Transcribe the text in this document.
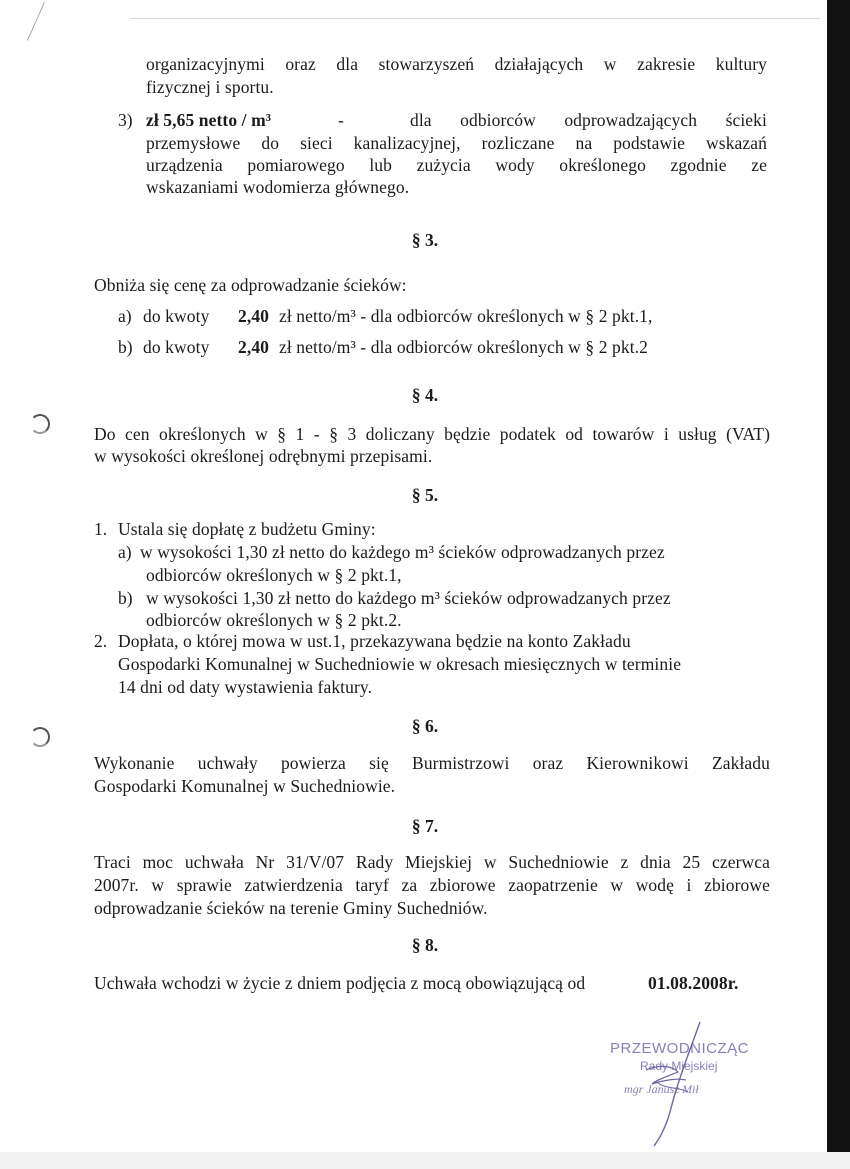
organizacyjnymi oraz dla stowarzyszeń działających w zakresie kultury
fizycznej i sportu.
3) zł 5,65 netto / m³	-	dla odbiorców odprowadzających ścieki
przemysłowe do sieci kanalizacyjnej, rozliczane na podstawie wskazań
urządzenia pomiarowego lub zużycia wody określonego zgodnie ze
wskazaniami wodomierza głównego.
§ 3.
Obniża się cenę za odprowadzanie ścieków:
a) do kwoty 2,40 zł netto/m³ - dla odbiorców określonych w § 2 pkt.1,
b) do kwoty 2,40 zł netto/m³ - dla odbiorców określonych w § 2 pkt.2
§ 4.
Do cen określonych w § 1 - § 3 doliczany będzie podatek od towarów i usług (VAT)
w wysokości określonej odrębnymi przepisami.
§ 5.
1. Ustala się dopłatę z budżetu Gminy:
a) w wysokości 1,30 zł netto do każdego m³ ścieków odprowadzanych przez
odbiorców określonych w § 2 pkt.1,
b) w wysokości 1,30 zł netto do każdego m³ ścieków odprowadzanych przez
odbiorców określonych w § 2 pkt.2.
2. Dopłata, o której mowa w ust.1, przekazywana będzie na konto Zakładu
Gospodarki Komunalnej w Suchedniowie w okresach miesięcznych w terminie
14 dni od daty wystawienia faktury.
§ 6.
Wykonanie uchwały powierza się Burmistrzowi oraz Kierownikowi Zakładu
Gospodarki Komunalnej w Suchedniowie.
§ 7.
Traci moc uchwała Nr 31/V/07 Rady Miejskiej w Suchedniowie z dnia 25 czerwca
2007r. w sprawie zatwierdzenia taryf za zbiorowe zaopatrzenie w wodę i zbiorowe
odprowadzanie ścieków na terenie Gminy Suchedniów.
§ 8.
Uchwała wchodzi w życie z dniem podjęcia z mocą obowiązującą od	01.08.2008r.
PRZEWODNICZĄC
Rady Miejskiej
mgr Janusz Mił
